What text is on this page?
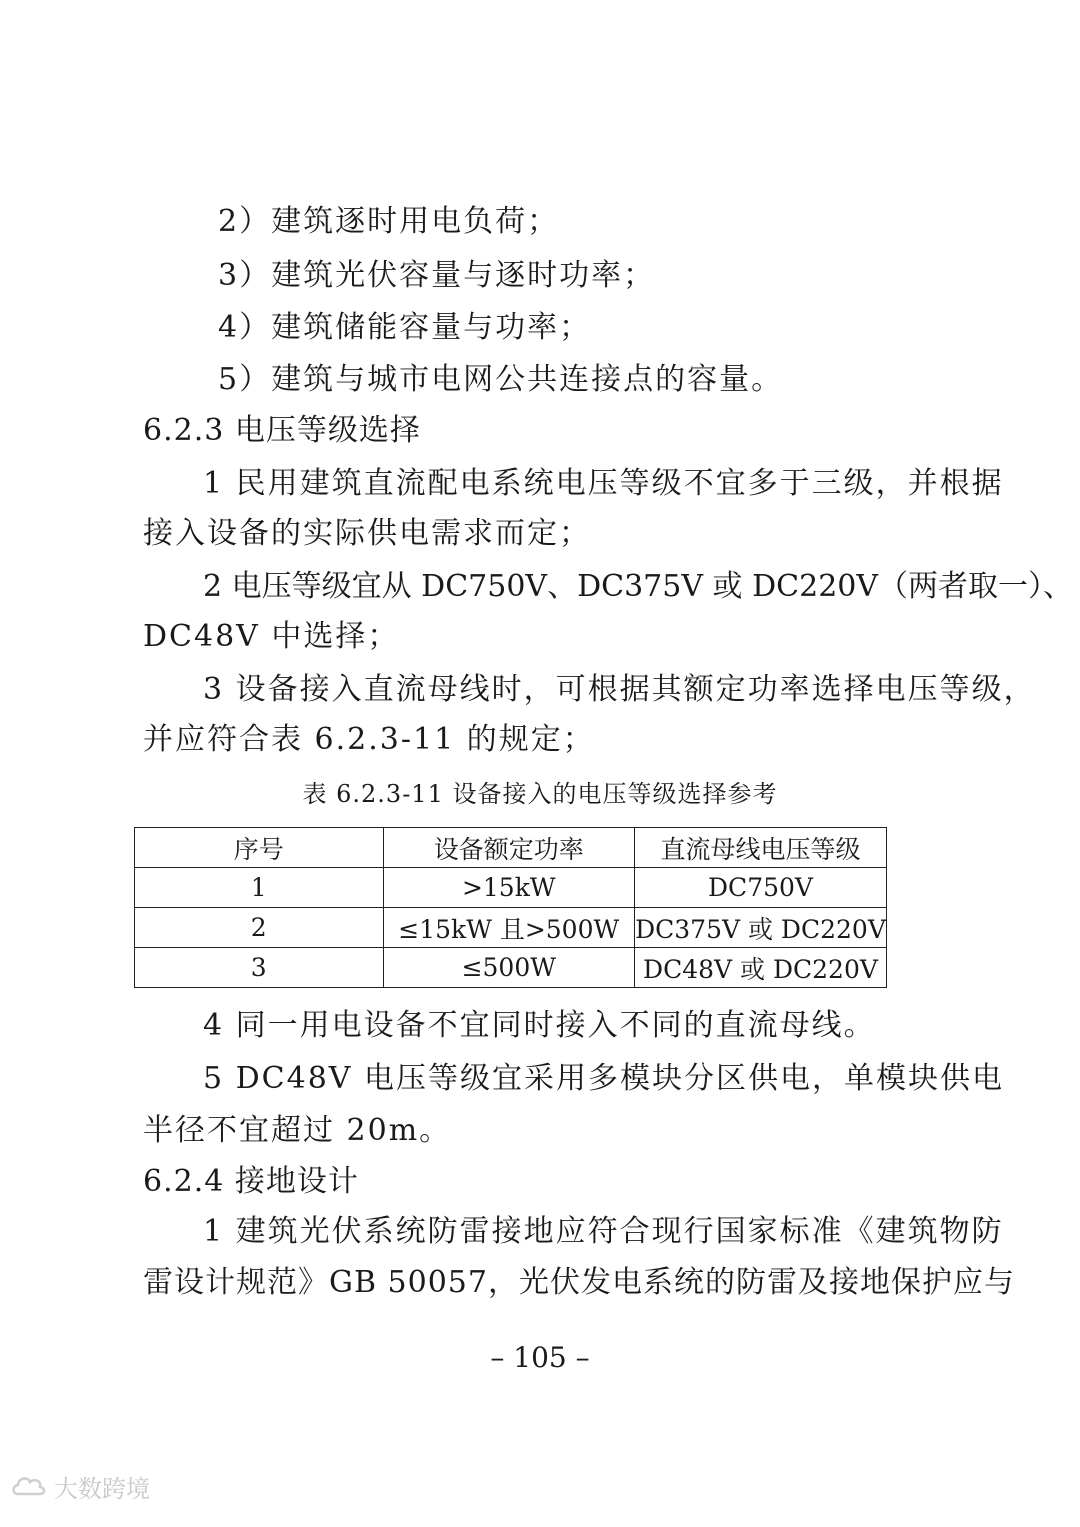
2）建筑逐时用电负荷；
3）建筑光伏容量与逐时功率；
4）建筑储能容量与功率；
5）建筑与城市电网公共连接点的容量。
6.2.3 电压等级选择
1 民用建筑直流配电系统电压等级不宜多于三级，并根据
接入设备的实际供电需求而定；
2 电压等级宜从 DC750V、DC375V 或 DC220V（两者取一）、
DC48V 中选择；
3 设备接入直流母线时，可根据其额定功率选择电压等级，
并应符合表 6.2.3-11 的规定；
表 6.2.3-11 设备接入的电压等级选择参考
序号	设备额定功率	直流母线电压等级
1	>15kW	DC750V
2	≤15kW 且>500W	DC375V 或 DC220V
3	≤500W	DC48V 或 DC220V
4 同一用电设备不宜同时接入不同的直流母线。
5 DC48V 电压等级宜采用多模块分区供电，单模块供电
半径不宜超过 20m。
6.2.4 接地设计
1 建筑光伏系统防雷接地应符合现行国家标准《建筑物防
雷设计规范》GB 50057，光伏发电系统的防雷及接地保护应与
– 105 –
大数跨境
